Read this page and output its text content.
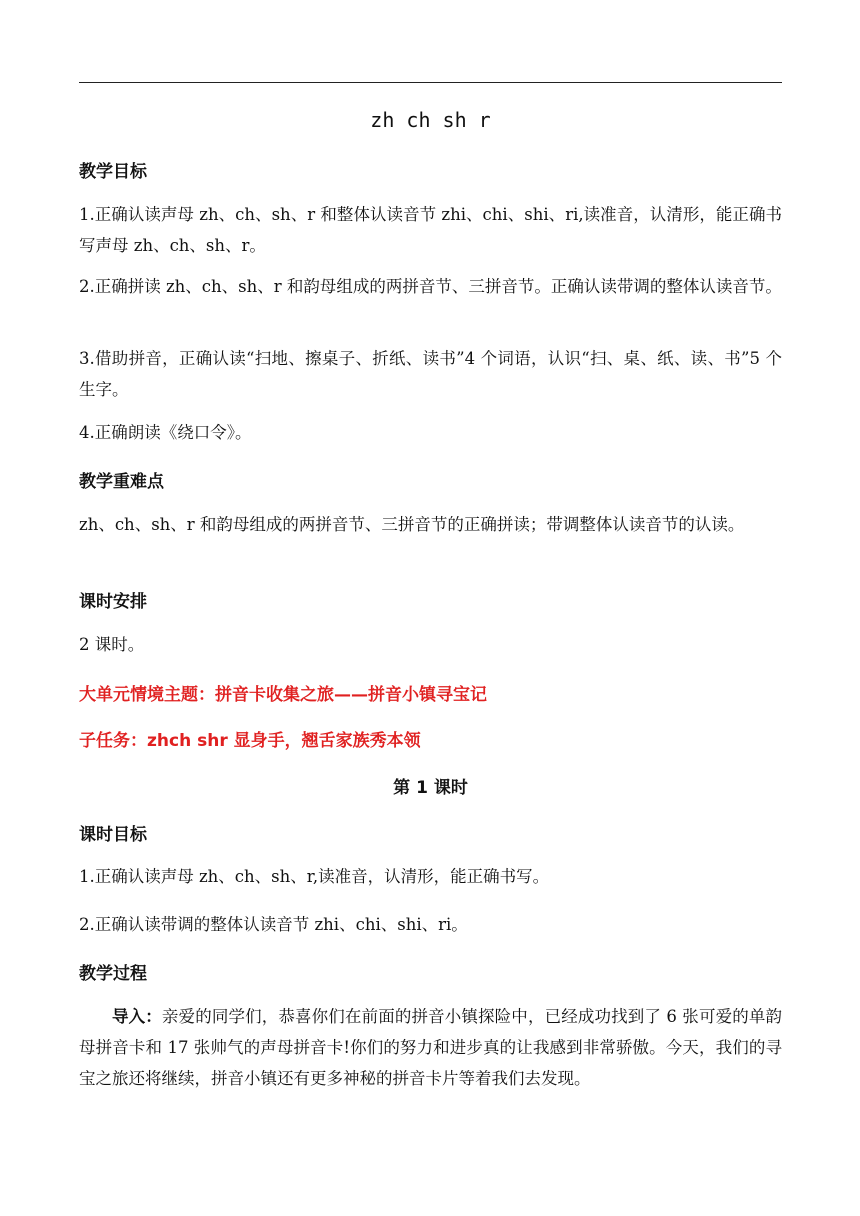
zh ch sh r
教学目标
1.正确认读声母 zh、ch、sh、r 和整体认读音节 zhi、chi、shi、ri,读准音，认清形，能正确书写声母 zh、ch、sh、r。
2.正确拼读 zh、ch、sh、r 和韵母组成的两拼音节、三拼音节。正确认读带调的整体认读音节。
3.借助拼音，正确认读“扫地、擦桌子、折纸、读书”4 个词语，认识“扫、桌、纸、读、书”5 个生字。
4.正确朗读《绕口令》。
教学重难点
zh、ch、sh、r 和韵母组成的两拼音节、三拼音节的正确拼读；带调整体认读音节的认读。
课时安排
2 课时。
大单元情境主题：拼音卡收集之旅——拼音小镇寻宝记
子任务：zhch shr 显身手，翘舌家族秀本领
第 1 课时
课时目标
1.正确认读声母 zh、ch、sh、r,读准音，认清形，能正确书写。
2.正确认读带调的整体认读音节 zhi、chi、shi、ri。
教学过程
导入：亲爱的同学们，恭喜你们在前面的拼音小镇探险中，已经成功找到了 6 张可爱的单韵母拼音卡和 17 张帅气的声母拼音卡!你们的努力和进步真的让我感到非常骄傲。今天，我们的寻宝之旅还将继续，拼音小镇还有更多神秘的拼音卡片等着我们去发现。
